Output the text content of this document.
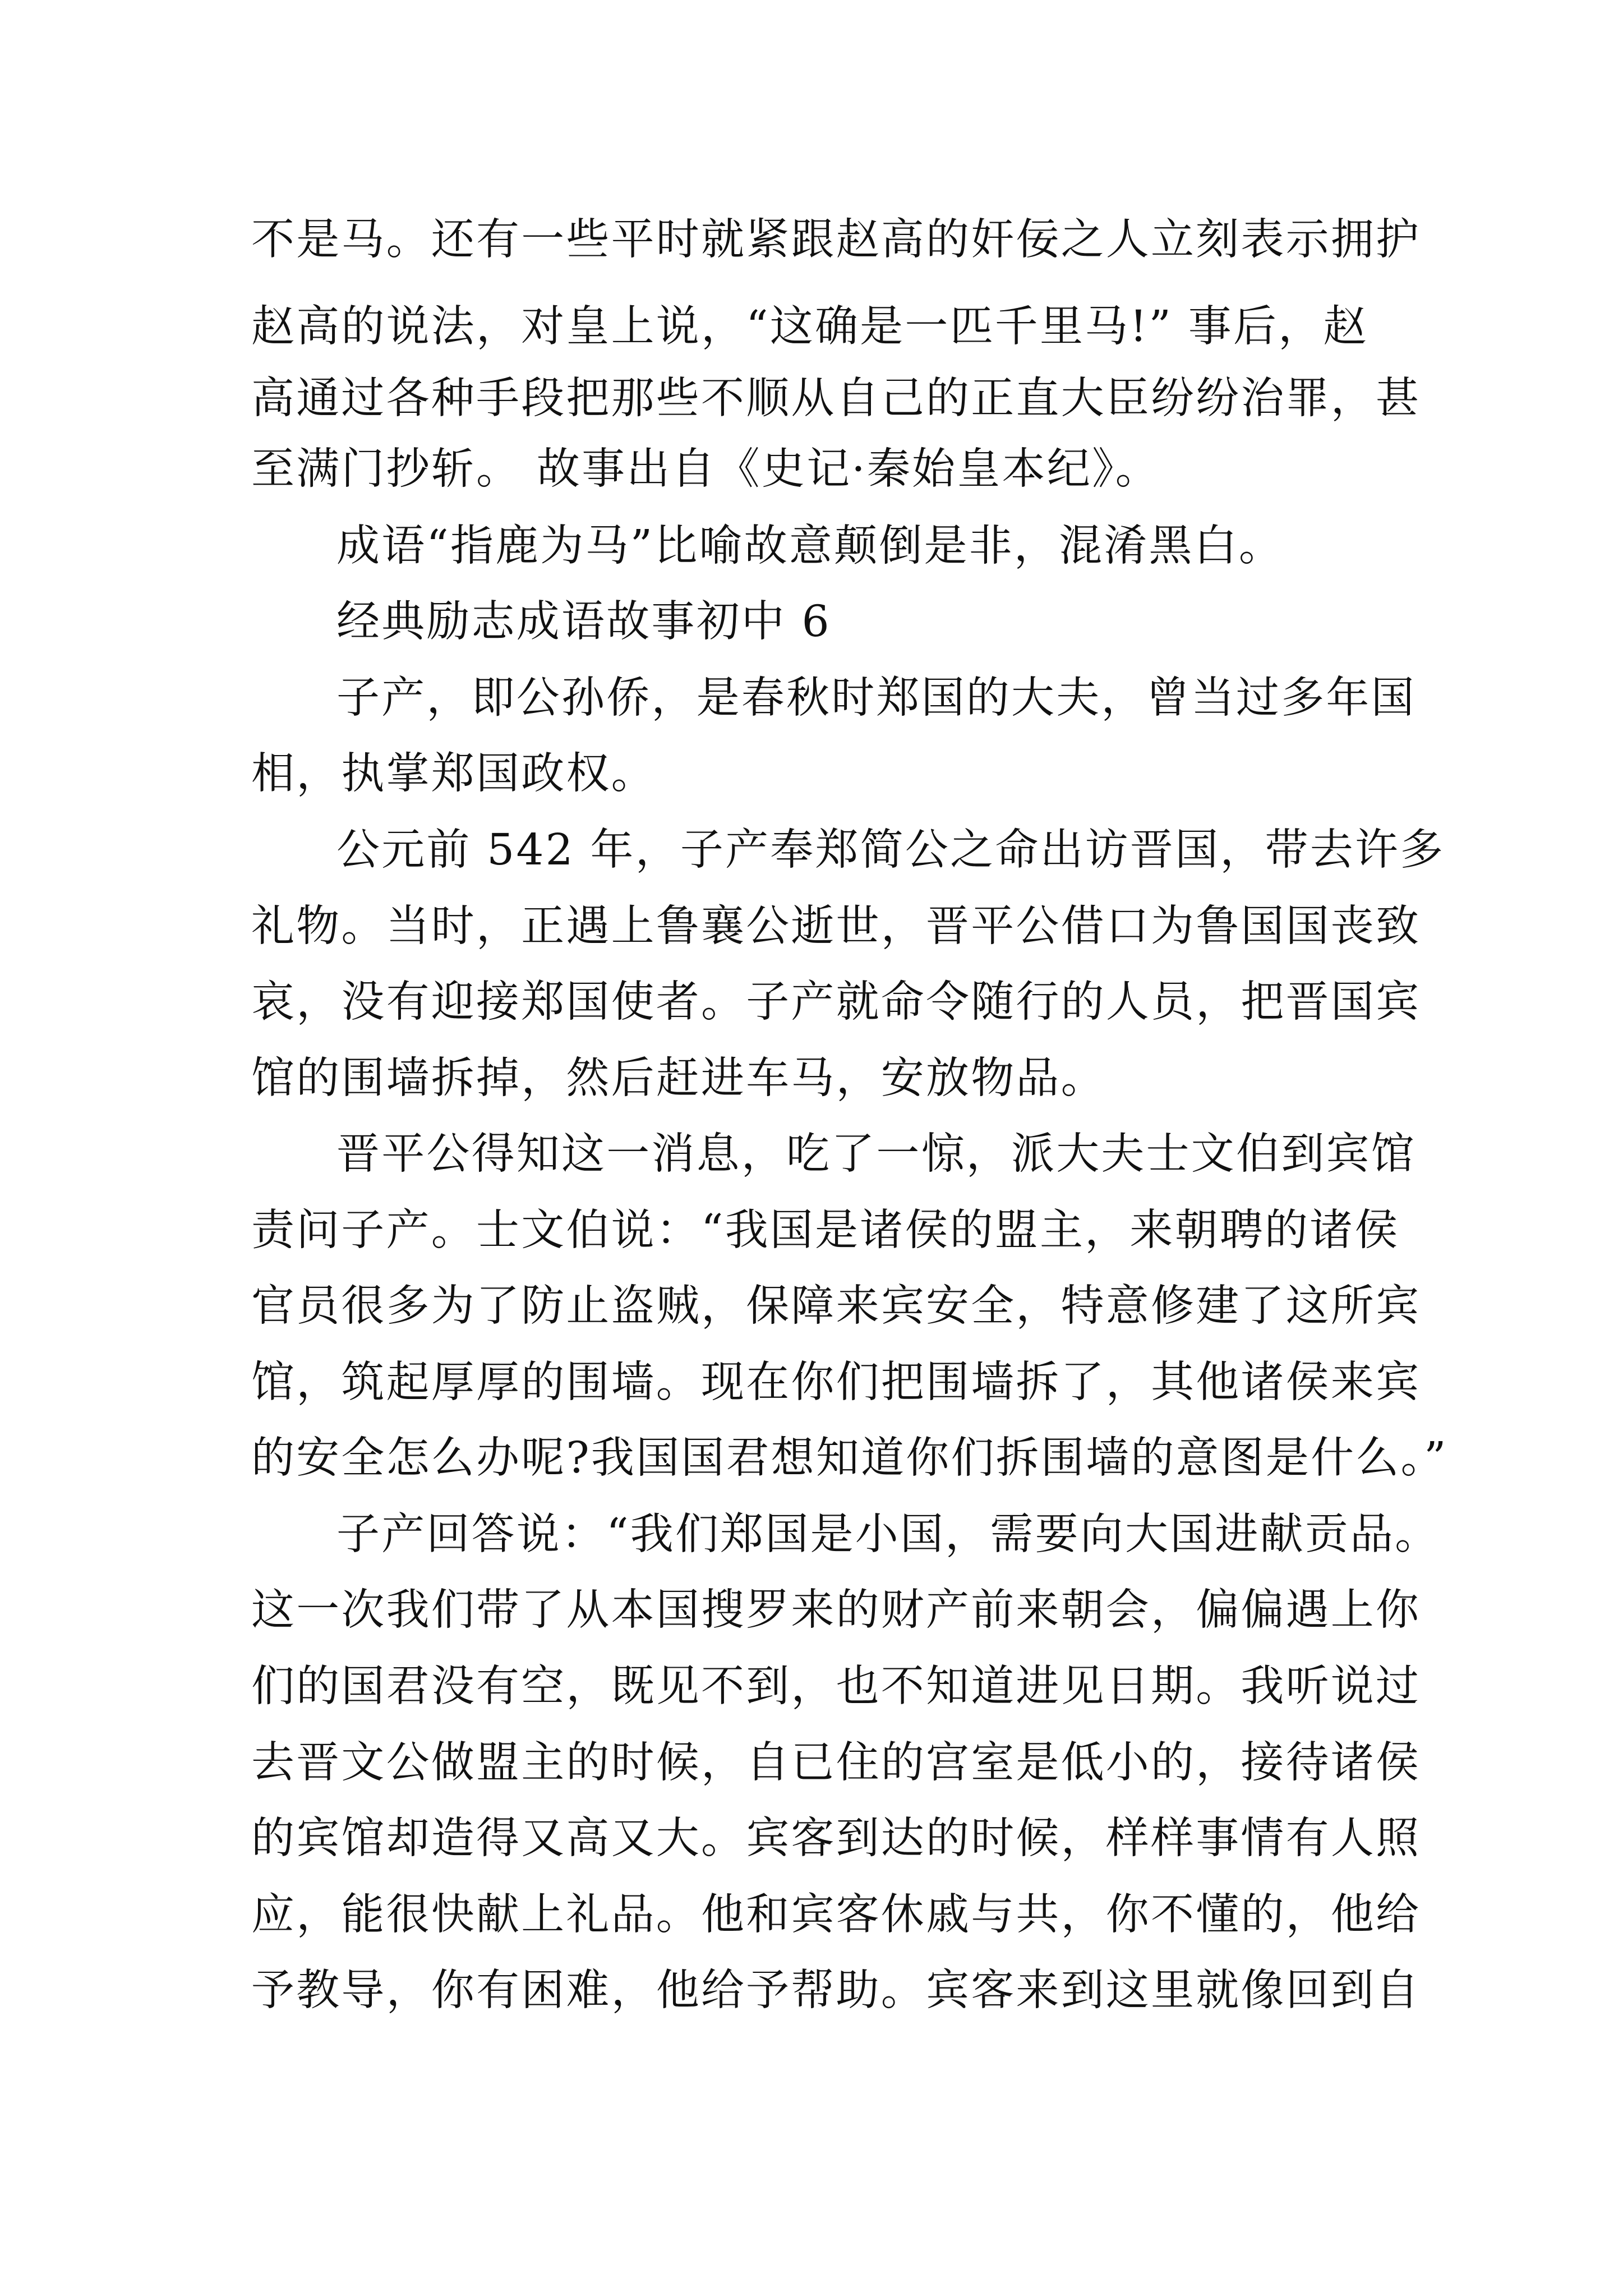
不是马。还有一些平时就紧跟赵高的奸佞之人立刻表示拥护
赵高的说法，对皇上说，“这确是一匹千里马!” 事后，赵
高通过各种手段把那些不顺从自己的正直大臣纷纷治罪，甚
至满门抄斩。 故事出自《史记·秦始皇本纪》。
成语“指鹿为马”比喻故意颠倒是非，混淆黑白。
经典励志成语故事初中 6
子产，即公孙侨，是春秋时郑国的大夫，曾当过多年国
相，执掌郑国政权。
公元前 542 年，子产奉郑简公之命出访晋国，带去许多
礼物。当时，正遇上鲁襄公逝世，晋平公借口为鲁国国丧致
哀，没有迎接郑国使者。子产就命令随行的人员，把晋国宾
馆的围墙拆掉，然后赶进车马，安放物品。
晋平公得知这一消息，吃了一惊，派大夫士文伯到宾馆
责问子产。士文伯说：“我国是诸侯的盟主，来朝聘的诸侯
官员很多为了防止盗贼，保障来宾安全，特意修建了这所宾
馆，筑起厚厚的围墙。现在你们把围墙拆了，其他诸侯来宾
的安全怎么办呢?我国国君想知道你们拆围墙的意图是什么。”
子产回答说：“我们郑国是小国，需要向大国进献贡品。
这一次我们带了从本国搜罗来的财产前来朝会，偏偏遇上你
们的国君没有空，既见不到，也不知道进见日期。我听说过
去晋文公做盟主的时候，自已住的宫室是低小的，接待诸侯
的宾馆却造得又高又大。宾客到达的时候，样样事情有人照
应，能很快献上礼品。他和宾客休戚与共，你不懂的，他给
予教导，你有困难，他给予帮助。宾客来到这里就像回到自
